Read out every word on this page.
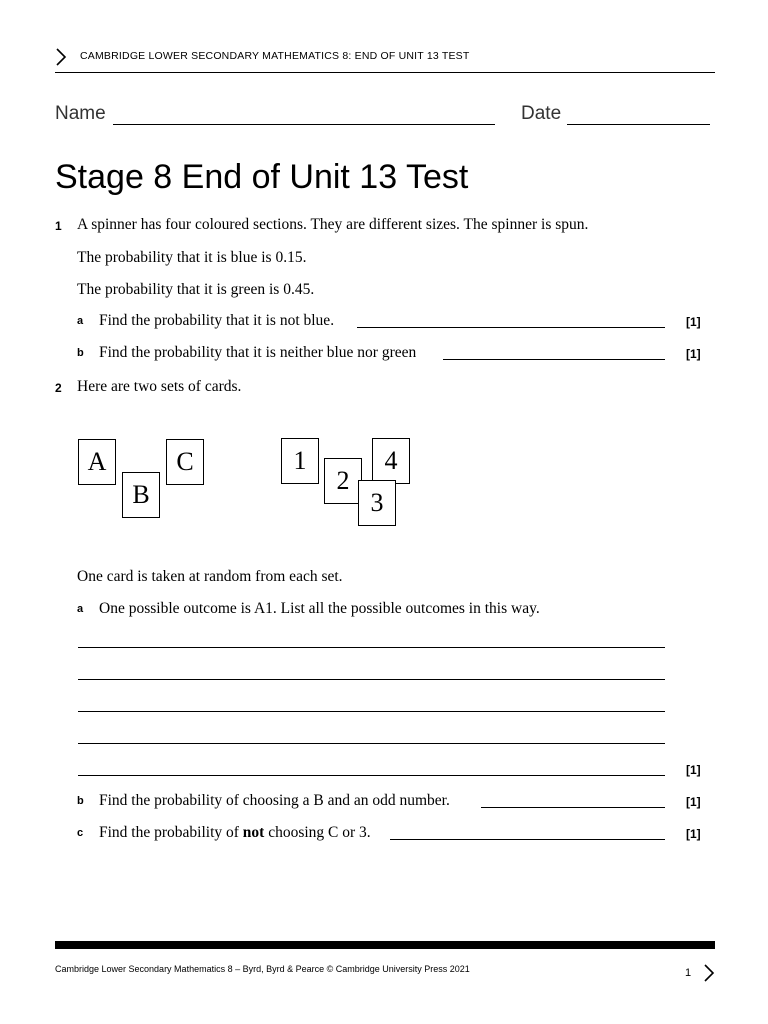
CAMBRIDGE LOWER SECONDARY MATHEMATICS 8: END OF UNIT 13 TEST
Name	Date
Stage 8 End of Unit 13 Test
1 A spinner has four coloured sections. They are different sizes. The spinner is spun.
The probability that it is blue is 0.15.
The probability that it is green is 0.45.
a Find the probability that it is not blue.	[1]
b Find the probability that it is neither blue nor green	[1]
2 Here are two sets of cards.
A
B
C	1
2
4
3
One card is taken at random from each set.
a One possible outcome is A1. List all the possible outcomes in this way.
[1]
b Find the probability of choosing a B and an odd number.	[1]
c Find the probability of not choosing C or 3.	[1]
Cambridge Lower Secondary Mathematics 8 – Byrd, Byrd & Pearce © Cambridge University Press 2021	1
